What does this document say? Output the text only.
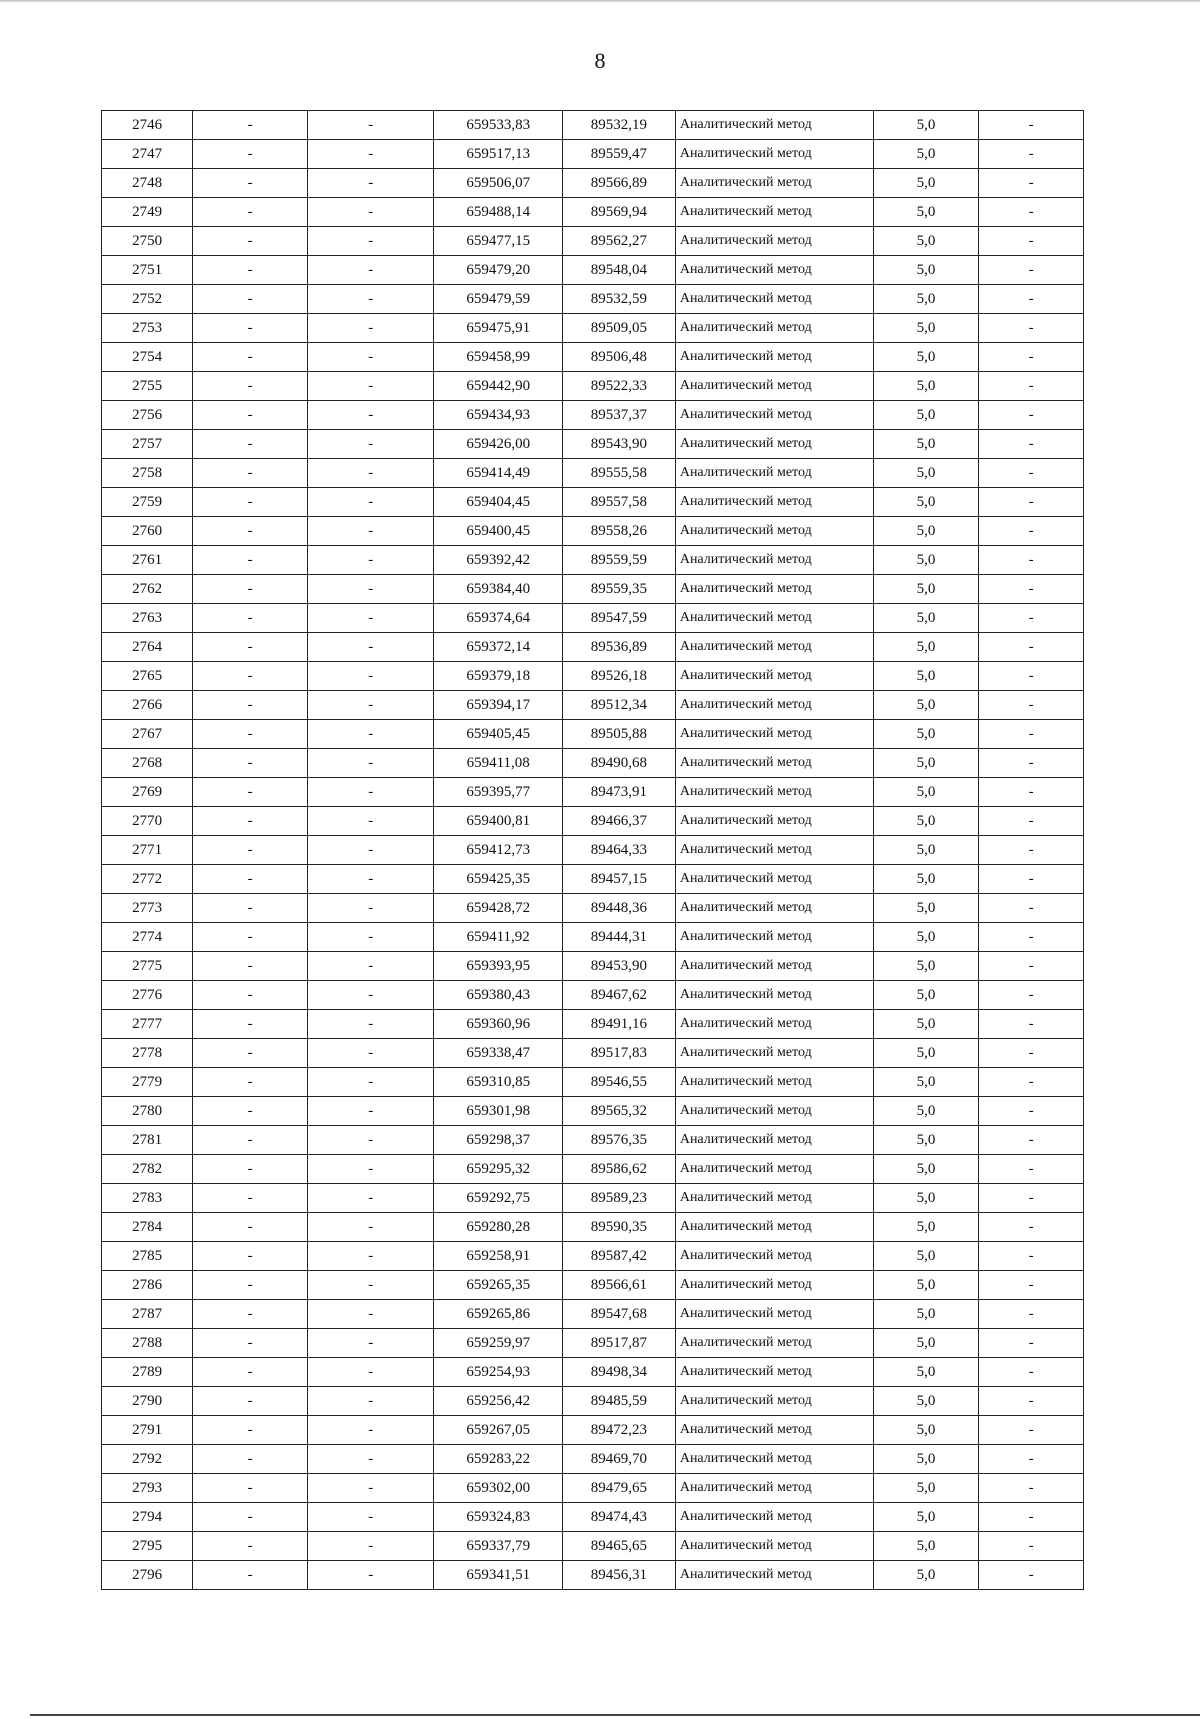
8
2746	-	-	659533,83	89532,19	Аналитический метод	5,0	-
2747	-	-	659517,13	89559,47	Аналитический метод	5,0	-
2748	-	-	659506,07	89566,89	Аналитический метод	5,0	-
2749	-	-	659488,14	89569,94	Аналитический метод	5,0	-
2750	-	-	659477,15	89562,27	Аналитический метод	5,0	-
2751	-	-	659479,20	89548,04	Аналитический метод	5,0	-
2752	-	-	659479,59	89532,59	Аналитический метод	5,0	-
2753	-	-	659475,91	89509,05	Аналитический метод	5,0	-
2754	-	-	659458,99	89506,48	Аналитический метод	5,0	-
2755	-	-	659442,90	89522,33	Аналитический метод	5,0	-
2756	-	-	659434,93	89537,37	Аналитический метод	5,0	-
2757	-	-	659426,00	89543,90	Аналитический метод	5,0	-
2758	-	-	659414,49	89555,58	Аналитический метод	5,0	-
2759	-	-	659404,45	89557,58	Аналитический метод	5,0	-
2760	-	-	659400,45	89558,26	Аналитический метод	5,0	-
2761	-	-	659392,42	89559,59	Аналитический метод	5,0	-
2762	-	-	659384,40	89559,35	Аналитический метод	5,0	-
2763	-	-	659374,64	89547,59	Аналитический метод	5,0	-
2764	-	-	659372,14	89536,89	Аналитический метод	5,0	-
2765	-	-	659379,18	89526,18	Аналитический метод	5,0	-
2766	-	-	659394,17	89512,34	Аналитический метод	5,0	-
2767	-	-	659405,45	89505,88	Аналитический метод	5,0	-
2768	-	-	659411,08	89490,68	Аналитический метод	5,0	-
2769	-	-	659395,77	89473,91	Аналитический метод	5,0	-
2770	-	-	659400,81	89466,37	Аналитический метод	5,0	-
2771	-	-	659412,73	89464,33	Аналитический метод	5,0	-
2772	-	-	659425,35	89457,15	Аналитический метод	5,0	-
2773	-	-	659428,72	89448,36	Аналитический метод	5,0	-
2774	-	-	659411,92	89444,31	Аналитический метод	5,0	-
2775	-	-	659393,95	89453,90	Аналитический метод	5,0	-
2776	-	-	659380,43	89467,62	Аналитический метод	5,0	-
2777	-	-	659360,96	89491,16	Аналитический метод	5,0	-
2778	-	-	659338,47	89517,83	Аналитический метод	5,0	-
2779	-	-	659310,85	89546,55	Аналитический метод	5,0	-
2780	-	-	659301,98	89565,32	Аналитический метод	5,0	-
2781	-	-	659298,37	89576,35	Аналитический метод	5,0	-
2782	-	-	659295,32	89586,62	Аналитический метод	5,0	-
2783	-	-	659292,75	89589,23	Аналитический метод	5,0	-
2784	-	-	659280,28	89590,35	Аналитический метод	5,0	-
2785	-	-	659258,91	89587,42	Аналитический метод	5,0	-
2786	-	-	659265,35	89566,61	Аналитический метод	5,0	-
2787	-	-	659265,86	89547,68	Аналитический метод	5,0	-
2788	-	-	659259,97	89517,87	Аналитический метод	5,0	-
2789	-	-	659254,93	89498,34	Аналитический метод	5,0	-
2790	-	-	659256,42	89485,59	Аналитический метод	5,0	-
2791	-	-	659267,05	89472,23	Аналитический метод	5,0	-
2792	-	-	659283,22	89469,70	Аналитический метод	5,0	-
2793	-	-	659302,00	89479,65	Аналитический метод	5,0	-
2794	-	-	659324,83	89474,43	Аналитический метод	5,0	-
2795	-	-	659337,79	89465,65	Аналитический метод	5,0	-
2796	-	-	659341,51	89456,31	Аналитический метод	5,0	-
